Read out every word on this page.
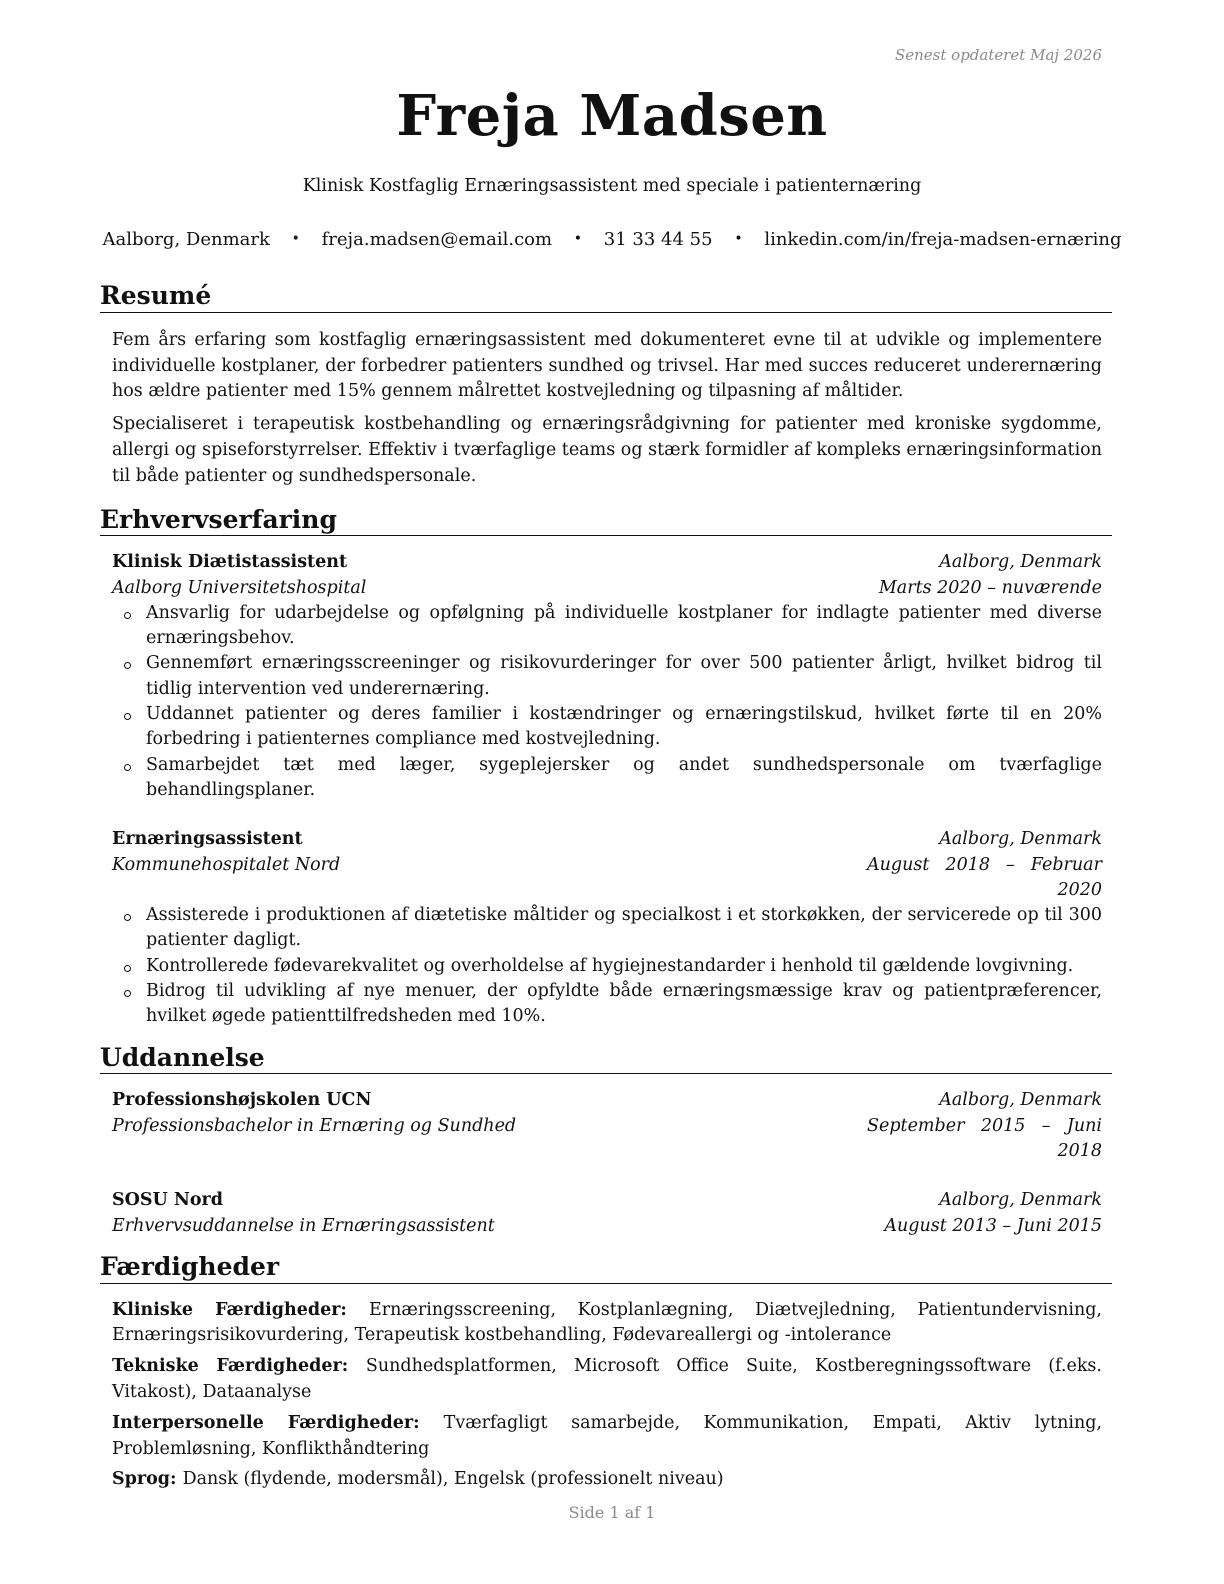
Senest opdateret Maj 2026
Freja Madsen
Klinisk Kostfaglig Ernæringsassistent med speciale i patienternæring
Aalborg, Denmark • freja.madsen@email.com • 31 33 44 55 • linkedin.com/in/freja-madsen-ernæring
Resumé

Fem års erfaring som kostfaglig ernæringsassistent med dokumenteret evne til at udvikle og implementere individuelle kostplaner, der forbedrer patienters sundhed og trivsel. Har med succes reduceret underernæring hos ældre patienter med 15% gennem målrettet kostvejledning og tilpasning af måltider.

Specialiseret i terapeutisk kostbehandling og ernæringsrådgivning for patienter med kroniske sygdomme, allergi og spiseforstyrrelser. Effektiv i tværfaglige teams og stærk formidler af kompleks ernæringsinformation til både patienter og sundhedspersonale.

Erhvervserfaring
Klinisk Diætistassistent	Aalborg, Denmark
Aalborg Universitetshospital	Marts 2020 – nuværende
Ansvarlig for udarbejdelse og opfølgning på individuelle kostplaner for indlagte patienter med diverse ernæringsbehov.
Gennemført ernæringsscreeninger og risikovurderinger for over 500 patienter årligt, hvilket bidrog til tidlig intervention ved underernæring.
Uddannet patienter og deres familier i kostændringer og ernæringstilskud, hvilket førte til en 20% forbedring i patienternes compliance med kostvejledning.
Samarbejdet tæt med læger, sygeplejersker og andet sundhedspersonale om tværfaglige behandlingsplaner.
Ernæringsassistent	Aalborg, Denmark
Kommunehospitalet Nord	August 2018 – Februar 2020
Assisterede i produktionen af diætetiske måltider og specialkost i et storkøkken, der servicerede op til 300 patienter dagligt.
Kontrollerede fødevarekvalitet og overholdelse af hygiejnestandarder i henhold til gældende lovgivning.
Bidrog til udvikling af nye menuer, der opfyldte både ernæringsmæssige krav og patientpræferencer, hvilket øgede patienttilfredsheden med 10%.
Uddannelse
Professionshøjskolen UCN	Aalborg, Denmark
Professionsbachelor in Ernæring og Sundhed	September 2015 – Juni 2018
SOSU Nord	Aalborg, Denmark
Erhvervsuddannelse in Ernæringsassistent	August 2013 – Juni 2015
Færdigheder
Kliniske Færdigheder: Ernæringsscreening, Kostplanlægning, Diætvejledning, Patientundervisning, Ernæringsrisikovurdering, Terapeutisk kostbehandling, Fødevareallergi og -intolerance
Tekniske Færdigheder: Sundhedsplatformen, Microsoft Office Suite, Kostberegningssoftware (f.eks. Vitakost), Dataanalyse
Interpersonelle Færdigheder: Tværfagligt samarbejde, Kommunikation, Empati, Aktiv lytning, Problemløsning, Konflikthåndtering
Sprog: Dansk (flydende, modersmål), Engelsk (professionelt niveau)
Side 1 af 1
